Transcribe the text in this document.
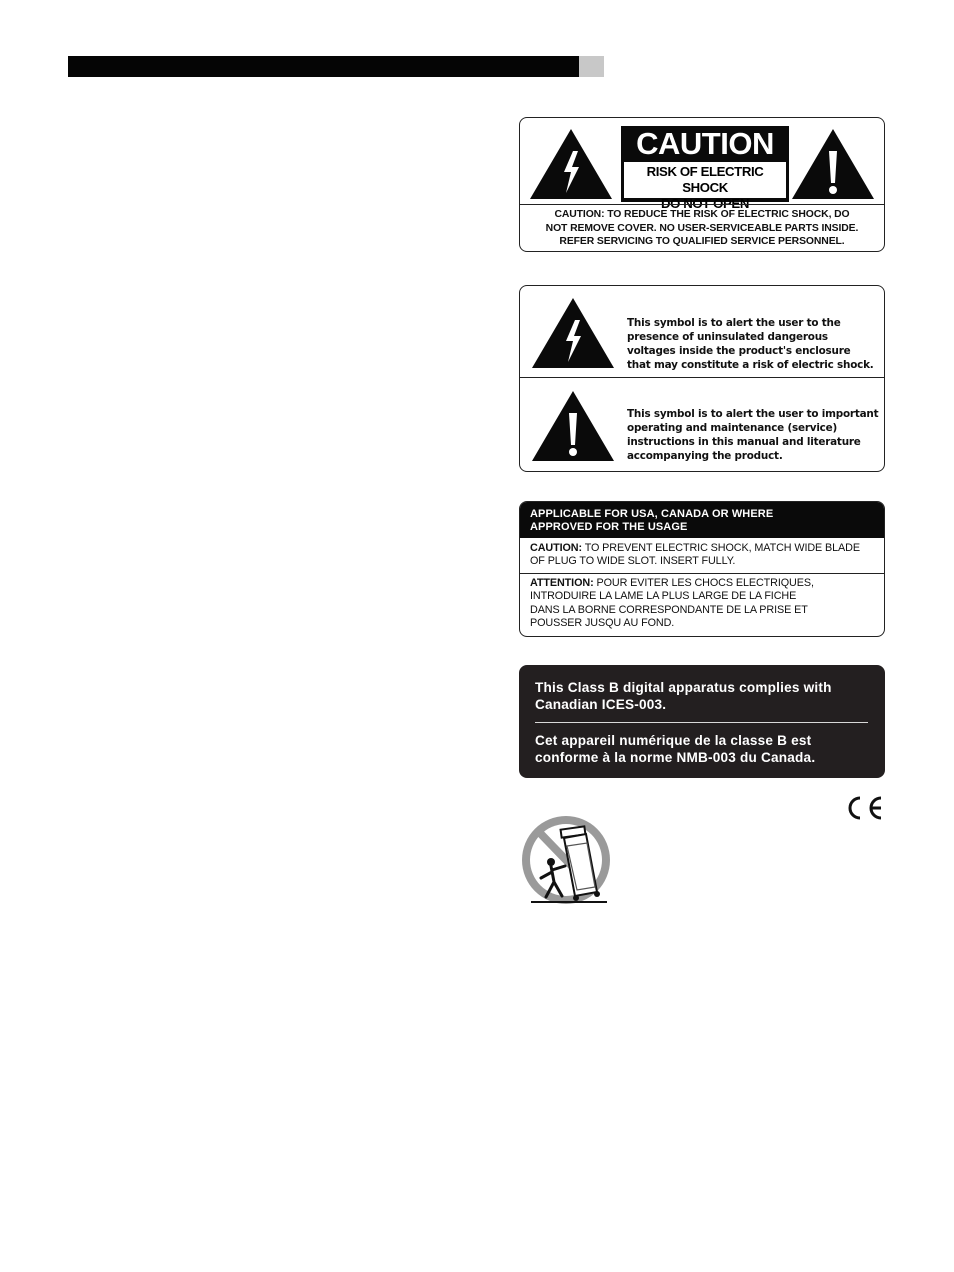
CAUTION
RISK OF ELECTRIC SHOCK
DO NOT OPEN
CAUTION: TO REDUCE THE RISK OF ELECTRIC SHOCK, DO
NOT REMOVE COVER. NO USER-SERVICEABLE PARTS INSIDE.
REFER SERVICING TO QUALIFIED SERVICE PERSONNEL.
This symbol is to alert the user to the
presence of uninsulated dangerous
voltages inside the product's enclosure
that may constitute a risk of electric shock.
This symbol is to alert the user to important
operating and maintenance (service)
instructions in this manual and literature
accompanying the product.
APPLICABLE FOR USA, CANADA OR WHERE
APPROVED FOR THE USAGE
CAUTION: TO PREVENT ELECTRIC SHOCK, MATCH WIDE BLADE
OF PLUG TO WIDE SLOT. INSERT FULLY.
ATTENTION: POUR EVITER LES CHOCS ELECTRIQUES,
INTRODUIRE LA LAME LA PLUS LARGE DE LA FICHE
DANS LA BORNE CORRESPONDANTE DE LA PRISE ET
POUSSER JUSQU AU FOND.
This Class B digital apparatus complies with
Canadian ICES-003.
Cet appareil numérique de la classe B est
conforme à la norme NMB-003 du Canada.
